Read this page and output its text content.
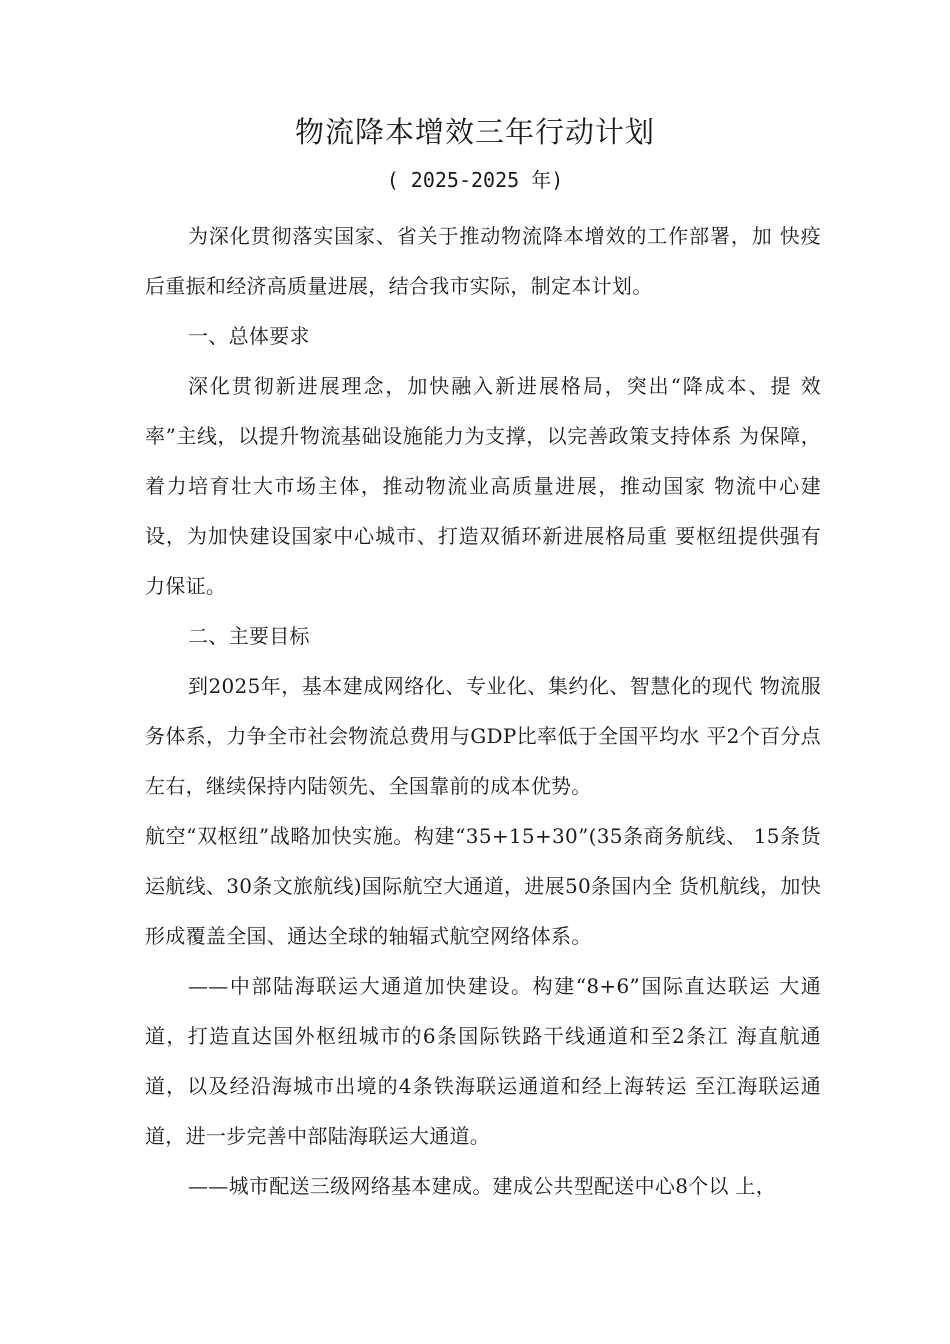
物流降本增效三年行动计划
( 2025-2025 年)

为深化贯彻落实国家、省关于推动物流降本增效的工作部署，加 快疫后重振和经济高质量进展，结合我市实际，制定本计划。

一、总体要求

深化贯彻新进展理念，加快融入新进展格局，突出“降成本、提 效率”主线，以提升物流基础设施能力为支撑，以完善政策支持体系 为保障，着力培育壮大市场主体，推动物流业高质量进展，推动国家 物流中心建设，为加快建设国家中心城市、打造双循环新进展格局重 要枢纽提供强有力保证。

二、主要目标

到2025年，基本建成网络化、专业化、集约化、智慧化的现代 物流服务体系，力争全市社会物流总费用与GDP比率低于全国平均水 平2个百分点左右，继续保持内陆领先、全国靠前的成本优势。

航空“双枢纽”战略加快实施。构建“35+15+30”(35条商务航线、 15条货运航线、30条文旅航线)国际航空大通道，进展50条国内全 货机航线，加快形成覆盖全国、通达全球的轴辐式航空网络体系。

——中部陆海联运大通道加快建设。构建“8+6”国际直达联运 大通道，打造直达国外枢纽城市的6条国际铁路干线通道和至2条江 海直航通道，以及经沿海城市出境的4条铁海联运通道和经上海转运 至江海联运通道，进一步完善中部陆海联运大通道。

——城市配送三级网络基本建成。建成公共型配送中心8个以 上，
